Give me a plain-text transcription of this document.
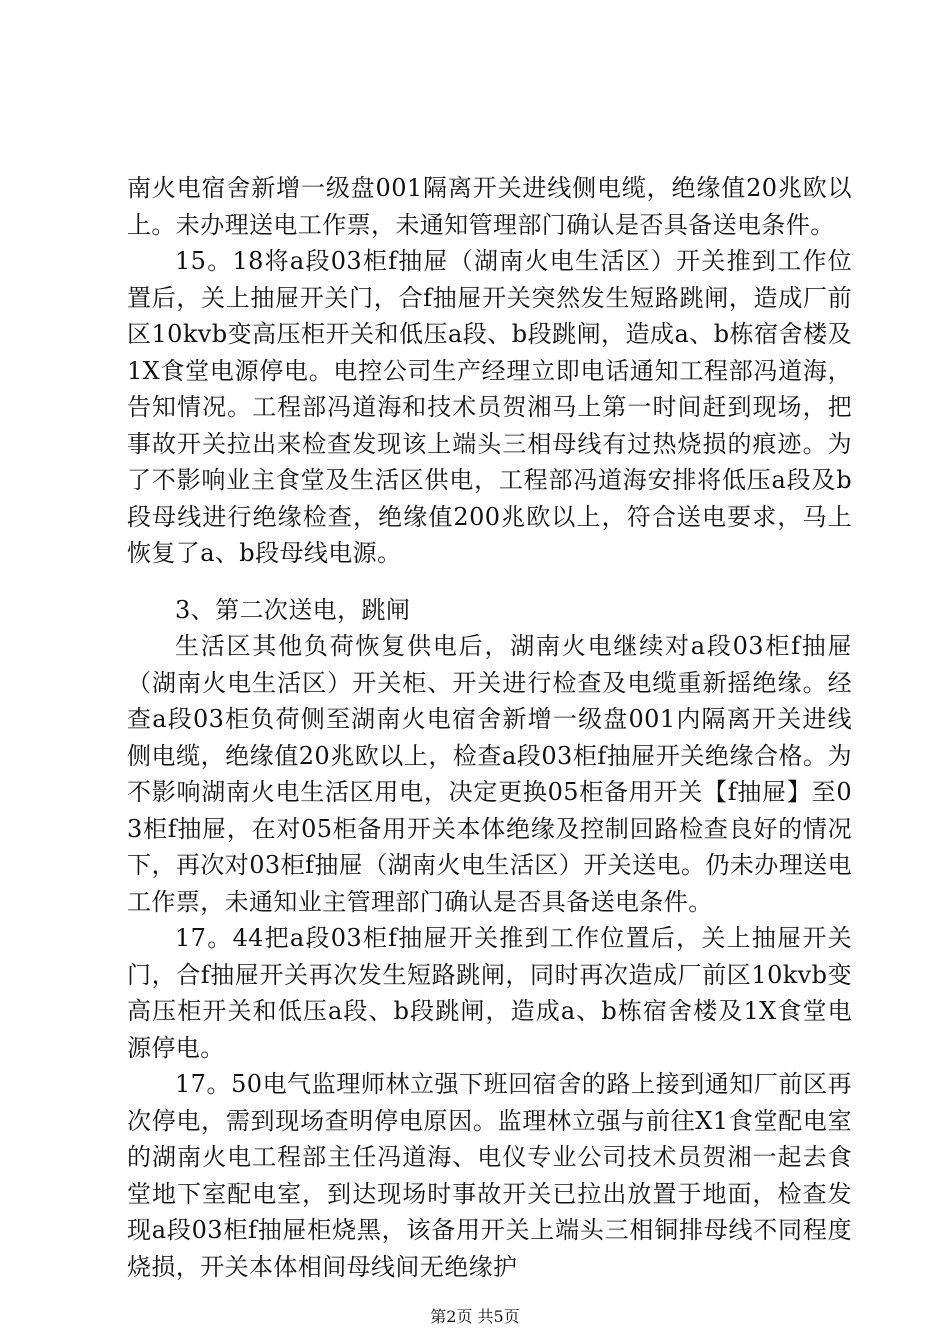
南火电宿舍新增一级盘001隔离开关进线侧电缆，绝缘值20兆欧以上。未办理送电工作票，未通知管理部门确认是否具备送电条件。

15。18将a段03柜f抽屉（湖南火电生活区）开关推到工作位置后，关上抽屉开关门，合f抽屉开关突然发生短路跳闸，造成厂前区10kvb变高压柜开关和低压a段、b段跳闸，造成a、b栋宿舍楼及1X食堂电源停电。电控公司生产经理立即电话通知工程部冯道海，告知情况。工程部冯道海和技术员贺湘马上第一时间赶到现场，把事故开关拉出来检查发现该上端头三相母线有过热烧损的痕迹。为了不影响业主食堂及生活区供电，工程部冯道海安排将低压a段及b段母线进行绝缘检查，绝缘值200兆欧以上，符合送电要求，马上恢复了a、b段母线电源。

3、第二次送电，跳闸

生活区其他负荷恢复供电后，湖南火电继续对a段03柜f抽屉（湖南火电生活区）开关柜、开关进行检查及电缆重新摇绝缘。经查a段03柜负荷侧至湖南火电宿舍新增一级盘001内隔离开关进线侧电缆，绝缘值20兆欧以上，检查a段03柜f抽屉开关绝缘合格。为不影响湖南火电生活区用电，决定更换05柜备用开关【f抽屉】至03柜f抽屉，在对05柜备用开关本体绝缘及控制回路检查良好的情况下，再次对03柜f抽屉（湖南火电生活区）开关送电。仍未办理送电工作票，未通知业主管理部门确认是否具备送电条件。

17。44把a段03柜f抽屉开关推到工作位置后，关上抽屉开关门，合f抽屉开关再次发生短路跳闸，同时再次造成厂前区10kvb变高压柜开关和低压a段、b段跳闸，造成a、b栋宿舍楼及1X食堂电源停电。

17。50电气监理师林立强下班回宿舍的路上接到通知厂前区再次停电，需到现场查明停电原因。监理林立强与前往X1食堂配电室的湖南火电工程部主任冯道海、电仪专业公司技术员贺湘一起去食堂地下室配电室，到达现场时事故开关已拉出放置于地面，检查发现a段03柜f抽屉柜烧黑，该备用开关上端头三相铜排母线不同程度烧损，开关本体相间母线间无绝缘护

第2页 共5页
